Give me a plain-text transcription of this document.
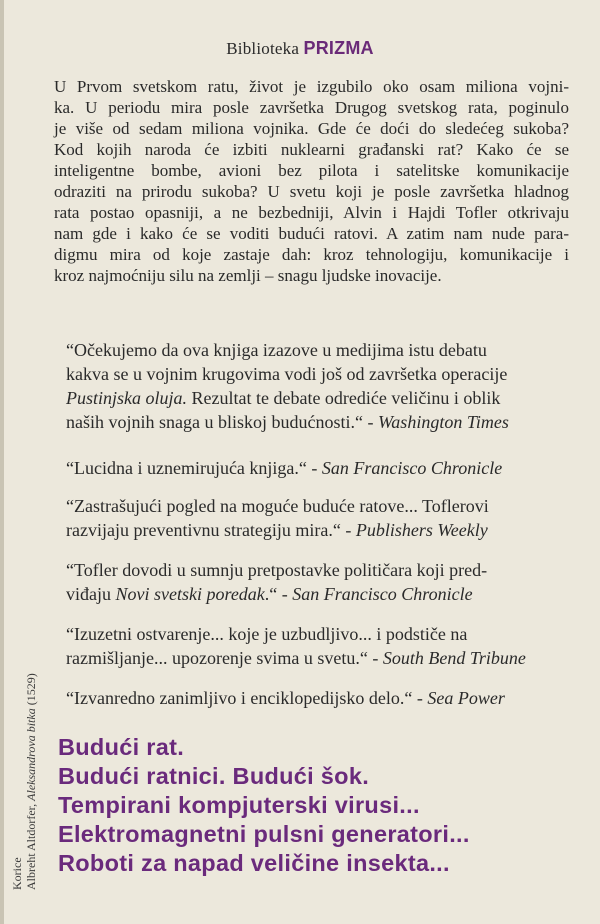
Biblioteka PRIZMA
U Prvom svetskom ratu, život je izgubilo oko osam miliona vojni-
ka. U periodu mira posle završetka Drugog svetskog rata, poginulo
je više od sedam miliona vojnika. Gde će doći do sledećeg sukoba?
Kod kojih naroda će izbiti nuklearni građanski rat? Kako će se
inteligentne bombe, avioni bez pilota i satelitske komunikacije
odraziti na prirodu sukoba? U svetu koji je posle završetka hladnog
rata postao opasniji, a ne bezbedniji, Alvin i Hajdi Tofler otkrivaju
nam gde i kako će se voditi budući ratovi. A zatim nam nude para-
digmu mira od koje zastaje dah: kroz tehnologiju, komunikacije i
kroz najmoćniju silu na zemlji – snagu ljudske inovacije.
“Očekujemo da ova knjiga izazove u medijima istu debatu
kakva se u vojnim krugovima vodi još od završetka operacije
Pustinjska oluja. Rezultat te debate odrediće veličinu i oblik
naših vojnih snaga u bliskoj budućnosti.“ - Washington Times
“Lucidna i uznemirujuća knjiga.“ - San Francisco Chronicle
“Zastrašujući pogled na moguće buduće ratove... Toflerovi
razvijaju preventivnu strategiju mira.“ - Publishers Weekly
“Tofler dovodi u sumnju pretpostavke političara koji pred-
viđaju Novi svetski poredak.“ - San Francisco Chronicle
“Izuzetni ostvarenje... koje je uzbudljivo... i podstiče na
razmišljanje... upozorenje svima u svetu.“ - South Bend Tribune
“Izvanredno zanimljivo i enciklopedijsko delo.“ - Sea Power
Budući rat.
Budući ratnici. Budući šok.
Tempirani kompjuterski virusi...
Elektromagnetni pulsni generatori...
Roboti za napad veličine insekta...
Korice Albreht Altdorfer, Aleksandrova bitka (1529)
